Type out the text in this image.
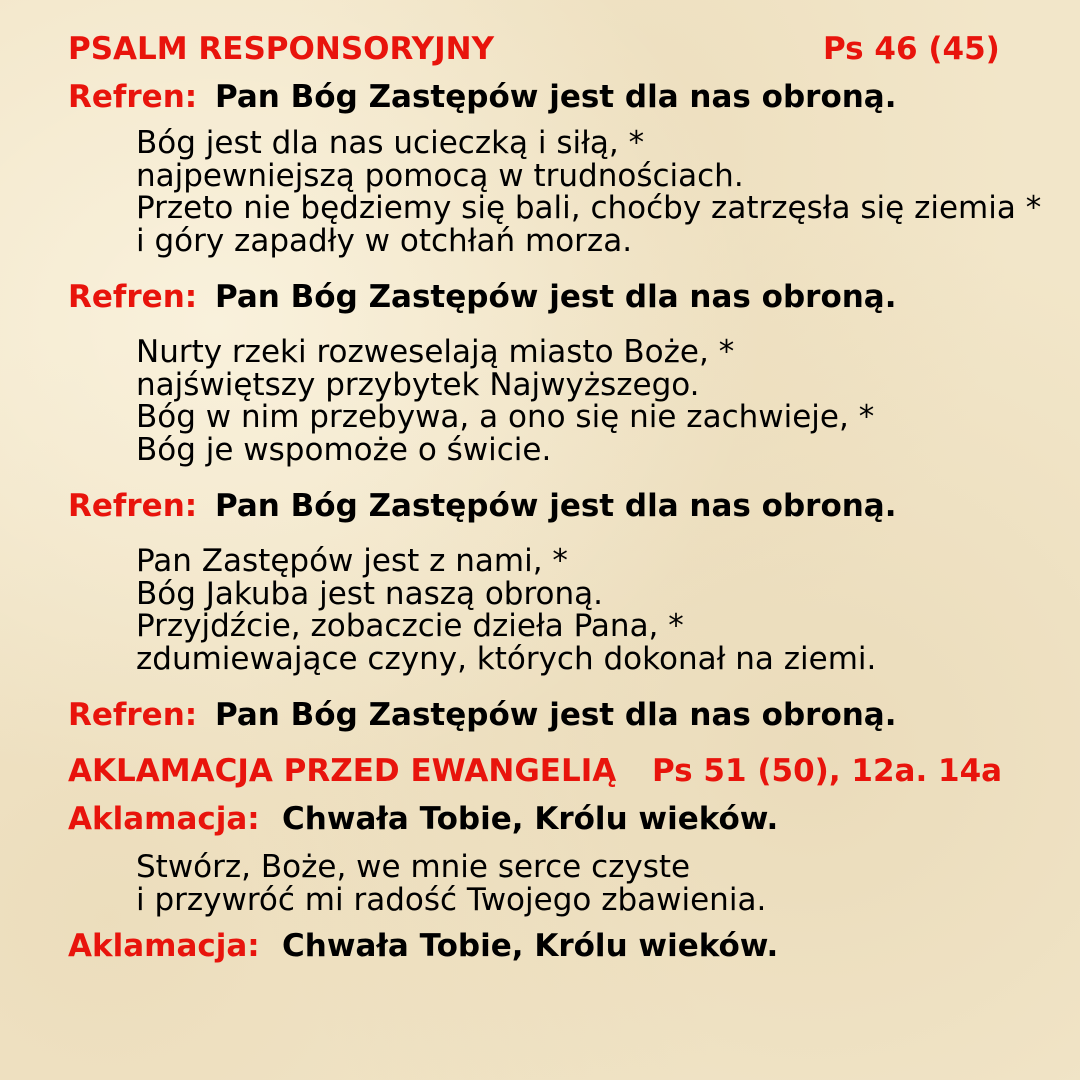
PSALM RESPONSORYJNY	Ps 46 (45)
Refren: Pan Bóg Zastępów jest dla nas obroną.
Bóg jest dla nas ucieczką i siłą, *
najpewniejszą pomocą w trudnościach.
Przeto nie będziemy się bali, choćby zatrzęsła się ziemia *
i góry zapadły w otchłań morza.
Refren: Pan Bóg Zastępów jest dla nas obroną.
Nurty rzeki rozweselają miasto Boże, *
najświętszy przybytek Najwyższego.
Bóg w nim przebywa, a ono się nie zachwieje, *
Bóg je wspomoże o świcie.
Refren: Pan Bóg Zastępów jest dla nas obroną.
Pan Zastępów jest z nami, *
Bóg Jakuba jest naszą obroną.
Przyjdźcie, zobaczcie dzieła Pana, *
zdumiewające czyny, których dokonał na ziemi.
Refren: Pan Bóg Zastępów jest dla nas obroną.
AKLAMACJA PRZED EWANGELIĄ Ps 51 (50), 12a. 14a
Aklamacja: Chwała Tobie, Królu wieków.
Stwórz, Boże, we mnie serce czyste
i przywróć mi radość Twojego zbawienia.
Aklamacja: Chwała Tobie, Królu wieków.
